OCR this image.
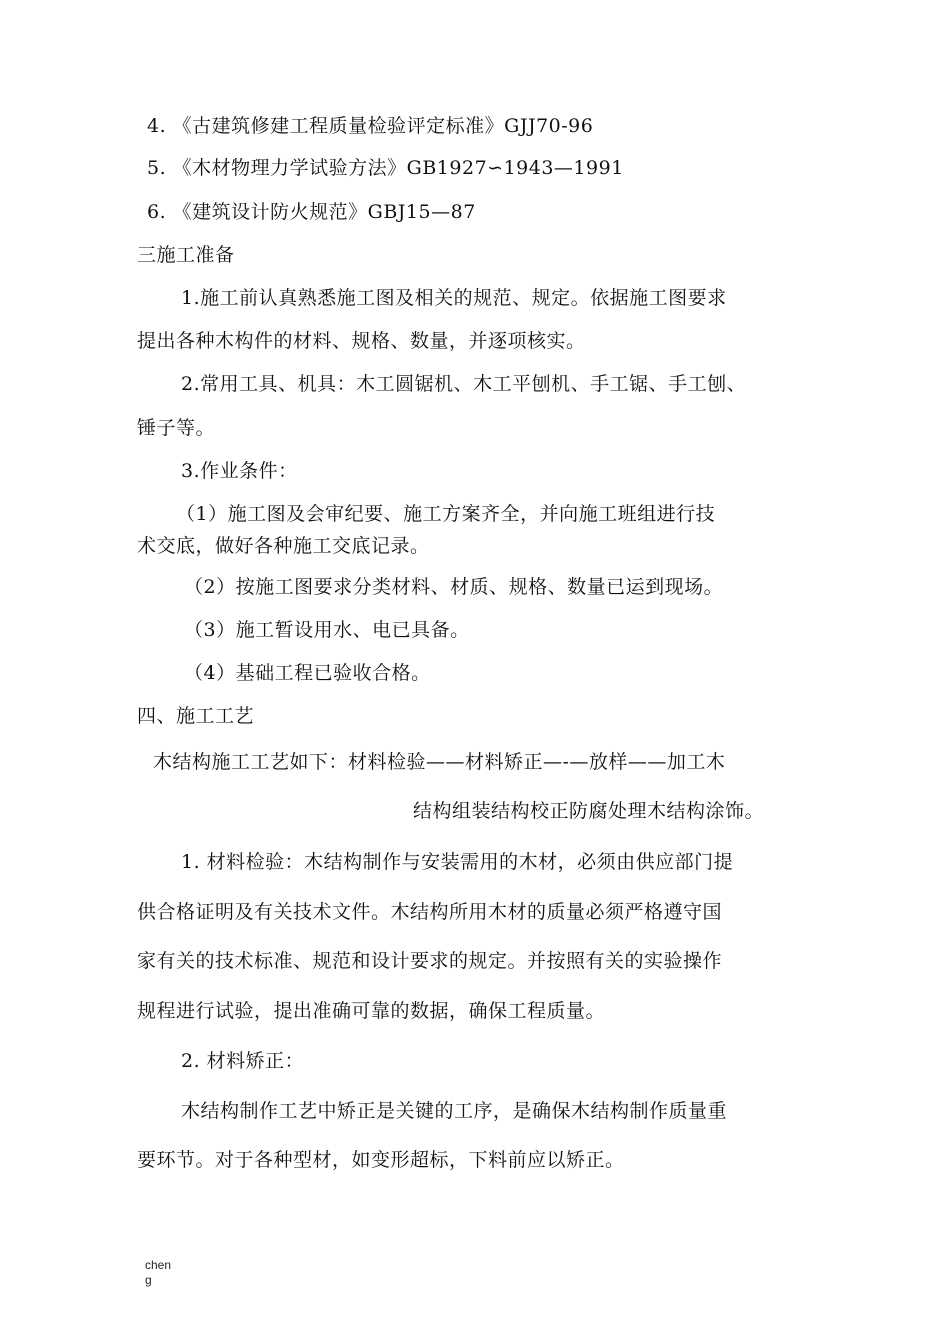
4. 《古建筑修建工程质量检验评定标准》GJJ70-96
5. 《木材物理力学试验方法》GB1927∽1943—1991
6. 《建筑设计防火规范》GBJ15—87
三施工准备
1.施工前认真熟悉施工图及相关的规范、规定。依据施工图要求
提出各种木构件的材料、规格、数量，并逐项核实。
2.常用工具、机具：木工圆锯机、木工平刨机、手工锯、手工刨、
锤子等。
3.作业条件：
（1）施工图及会审纪要、施工方案齐全，并向施工班组进行技
术交底，做好各种施工交底记录。
（2）按施工图要求分类材料、材质、规格、数量已运到现场。
（3）施工暂设用水、电已具备。
（4）基础工程已验收合格。
四、施工工艺
木结构施工工艺如下：材料检验——材料矫正—-—放样——加工木
结构组装结构校正防腐处理木结构涂饰。
1. 材料检验：木结构制作与安装需用的木材，必须由供应部门提
供合格证明及有关技术文件。木结构所用木材的质量必须严格遵守国
家有关的技术标准、规范和设计要求的规定。并按照有关的实验操作
规程进行试验，提出准确可靠的数据，确保工程质量。
2. 材料矫正：
木结构制作工艺中矫正是关键的工序，是确保木结构制作质量重
要环节。对于各种型材，如变形超标，下料前应以矫正。
cheng
